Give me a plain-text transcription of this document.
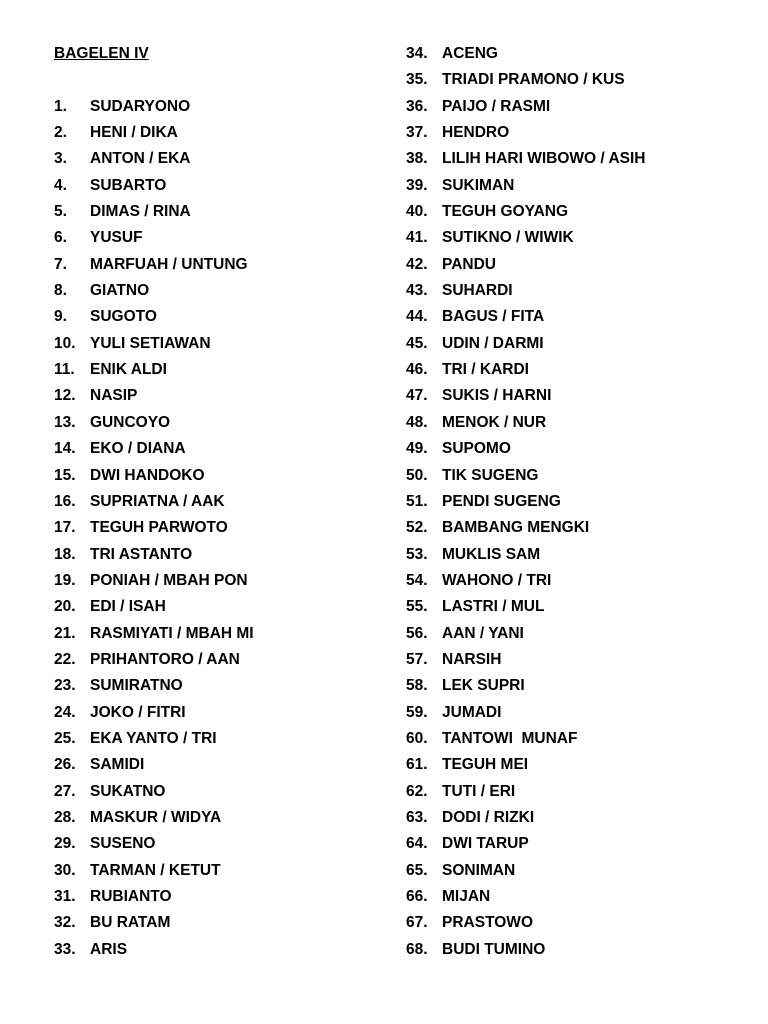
BAGELEN IV
1.	SUDARYONO
2.	HENI / DIKA
3.	ANTON / EKA
4.	SUBARTO
5.	DIMAS / RINA
6.	YUSUF
7.	MARFUAH / UNTUNG
8.	GIATNO
9.	SUGOTO
10. YULI SETIAWAN
11. ENIK ALDI
12. NASIP
13. GUNCOYO
14. EKO / DIANA
15. DWI HANDOKO
16. SUPRIATNA / AAK
17. TEGUH PARWOTO
18. TRI ASTANTO
19. PONIAH / MBAH PON
20. EDI / ISAH
21. RASMIYATI / MBAH MI
22. PRIHANTORO / AAN
23. SUMIRATNO
24. JOKO / FITRI
25. EKA YANTO / TRI
26. SAMIDI
27. SUKATNO
28. MASKUR / WIDYA
29. SUSENO
30. TARMAN / KETUT
31. RUBIANTO
32. BU RATAM
33. ARIS
34. ACENG
35. TRIADI PRAMONO / KUS
36. PAIJO / RASMI
37. HENDRO
38. LILIH HARI WIBOWO / ASIH
39. SUKIMAN
40. TEGUH GOYANG
41. SUTIKNO / WIWIK
42. PANDU
43. SUHARDI
44. BAGUS / FITA
45. UDIN / DARMI
46. TRI / KARDI
47. SUKIS / HARNI
48. MENOK / NUR
49. SUPOMO
50. TIK SUGENG
51. PENDI SUGENG
52. BAMBANG MENGKI
53. MUKLIS SAM
54. WAHONO / TRI
55. LASTRI / MUL
56. AAN / YANI
57. NARSIH
58. LEK SUPRI
59. JUMADI
60. TANTOWI  MUNAF
61. TEGUH MEI
62. TUTI / ERI
63. DODI / RIZKI
64. DWI TARUP
65. SONIMAN
66. MIJAN
67. PRASTOWO
68. BUDI TUMINO
